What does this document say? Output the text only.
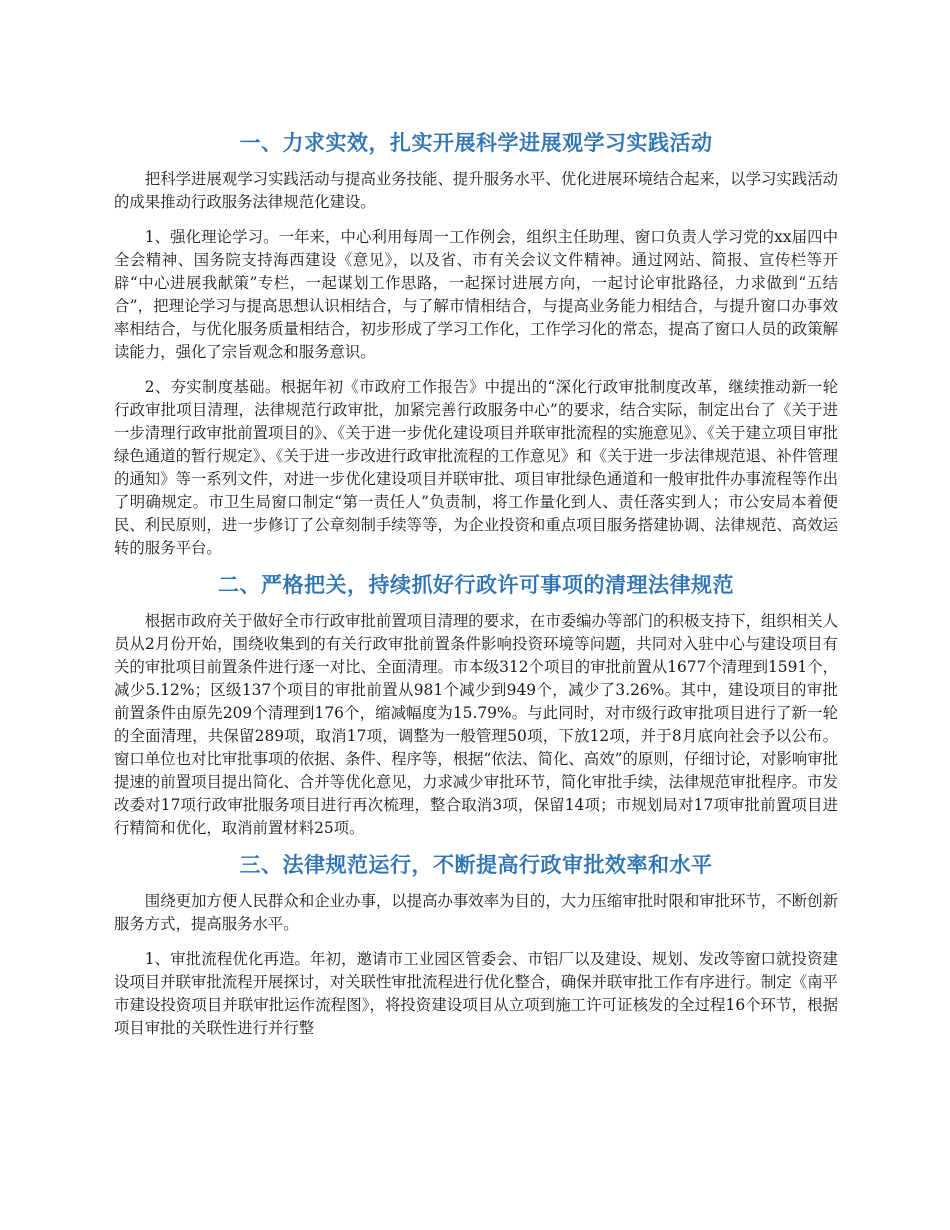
一、力求实效，扎实开展科学进展观学习实践活动

把科学进展观学习实践活动与提高业务技能、提升服务水平、优化进展环境结合起来，以学习实践活动的成果推动行政服务法律规范化建设。

1、强化理论学习。一年来，中心利用每周一工作例会，组织主任助理、窗口负责人学习党的xx届四中全会精神、国务院支持海西建设《意见》，以及省、市有关会议文件精神。通过网站、简报、宣传栏等开辟“中心进展我献策”专栏，一起谋划工作思路，一起探讨进展方向，一起讨论审批路径，力求做到“五结合”，把理论学习与提高思想认识相结合，与了解市情相结合，与提高业务能力相结合，与提升窗口办事效率相结合，与优化服务质量相结合，初步形成了学习工作化，工作学习化的常态，提高了窗口人员的政策解读能力，强化了宗旨观念和服务意识。

2、夯实制度基础。根据年初《市政府工作报告》中提出的“深化行政审批制度改革，继续推动新一轮行政审批项目清理，法律规范行政审批，加紧完善行政服务中心”的要求，结合实际，制定出台了《关于进一步清理行政审批前置项目的》、《关于进一步优化建设项目并联审批流程的实施意见》、《关于建立项目审批绿色通道的暂行规定》、《关于进一步改进行政审批流程的工作意见》和《关于进一步法律规范退、补件管理的通知》等一系列文件，对进一步优化建设项目并联审批、项目审批绿色通道和一般审批件办事流程等作出了明确规定。市卫生局窗口制定“第一责任人”负责制，将工作量化到人、责任落实到人；市公安局本着便民、利民原则，进一步修订了公章刻制手续等等，为企业投资和重点项目服务搭建协调、法律规范、高效运转的服务平台。

二、严格把关，持续抓好行政许可事项的清理法律规范

根据市政府关于做好全市行政审批前置项目清理的要求，在市委编办等部门的积极支持下，组织相关人员从2月份开始，围绕收集到的有关行政审批前置条件影响投资环境等问题，共同对入驻中心与建设项目有关的审批项目前置条件进行逐一对比、全面清理。市本级312个项目的审批前置从1677个清理到1591个，减少5.12%；区级137个项目的审批前置从981个减少到949个，减少了3.26%。其中，建设项目的审批前置条件由原先209个清理到176个，缩减幅度为15.79%。与此同时，对市级行政审批项目进行了新一轮的全面清理，共保留289项，取消17项，调整为一般管理50项，下放12项，并于8月底向社会予以公布。窗口单位也对比审批事项的依据、条件、程序等，根据“依法、简化、高效”的原则，仔细讨论，对影响审批提速的前置项目提出简化、合并等优化意见，力求减少审批环节，简化审批手续，法律规范审批程序。市发改委对17项行政审批服务项目进行再次梳理，整合取消3项，保留14项；市规划局对17项审批前置项目进行精简和优化，取消前置材料25项。

三、法律规范运行，不断提高行政审批效率和水平

围绕更加方便人民群众和企业办事，以提高办事效率为目的，大力压缩审批时限和审批环节，不断创新服务方式，提高服务水平。

1、审批流程优化再造。年初，邀请市工业园区管委会、市铝厂以及建设、规划、发改等窗口就投资建设项目并联审批流程开展探讨，对关联性审批流程进行优化整合，确保并联审批工作有序进行。制定《南平市建设投资项目并联审批运作流程图》，将投资建设项目从立项到施工许可证核发的全过程16个环节，根据项目审批的关联性进行并行整
